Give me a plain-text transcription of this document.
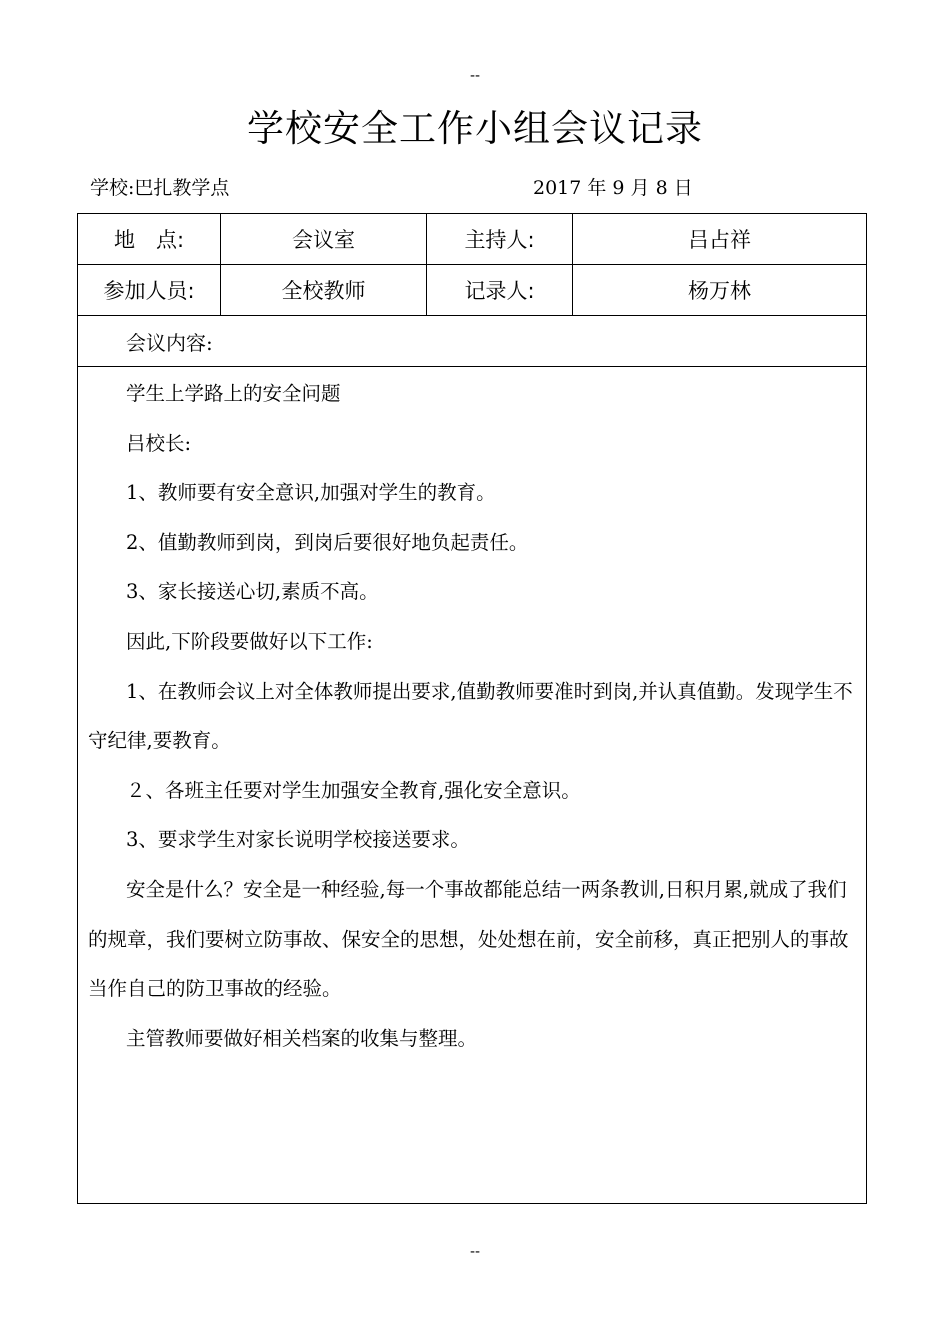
--
学校安全工作小组会议记录
学校:巴扎教学点	2017 年 9 月 8 日
地　点:	会议室	主持人:	吕占祥
参加人员:	全校教师	记录人:	杨万林
会议内容:

学生上学路上的安全问题

吕校长:

1、教师要有安全意识,加强对学生的教育。

2、值勤教师到岗，到岗后要很好地负起责任。

3、家长接送心切,素质不高。

因此,下阶段要做好以下工作:

1、在教师会议上对全体教师提出要求,值勤教师要准时到岗,并认真值勤。发现学生不守纪律,要教育。

２、各班主任要对学生加强安全教育,强化安全意识。

3、要求学生对家长说明学校接送要求。

安全是什么？安全是一种经验,每一个事故都能总结一两条教训,日积月累,就成了我们的规章，我们要树立防事故、保安全的思想，处处想在前，安全前移，真正把别人的事故当作自己的防卫事故的经验。

主管教师要做好相关档案的收集与整理。

--
